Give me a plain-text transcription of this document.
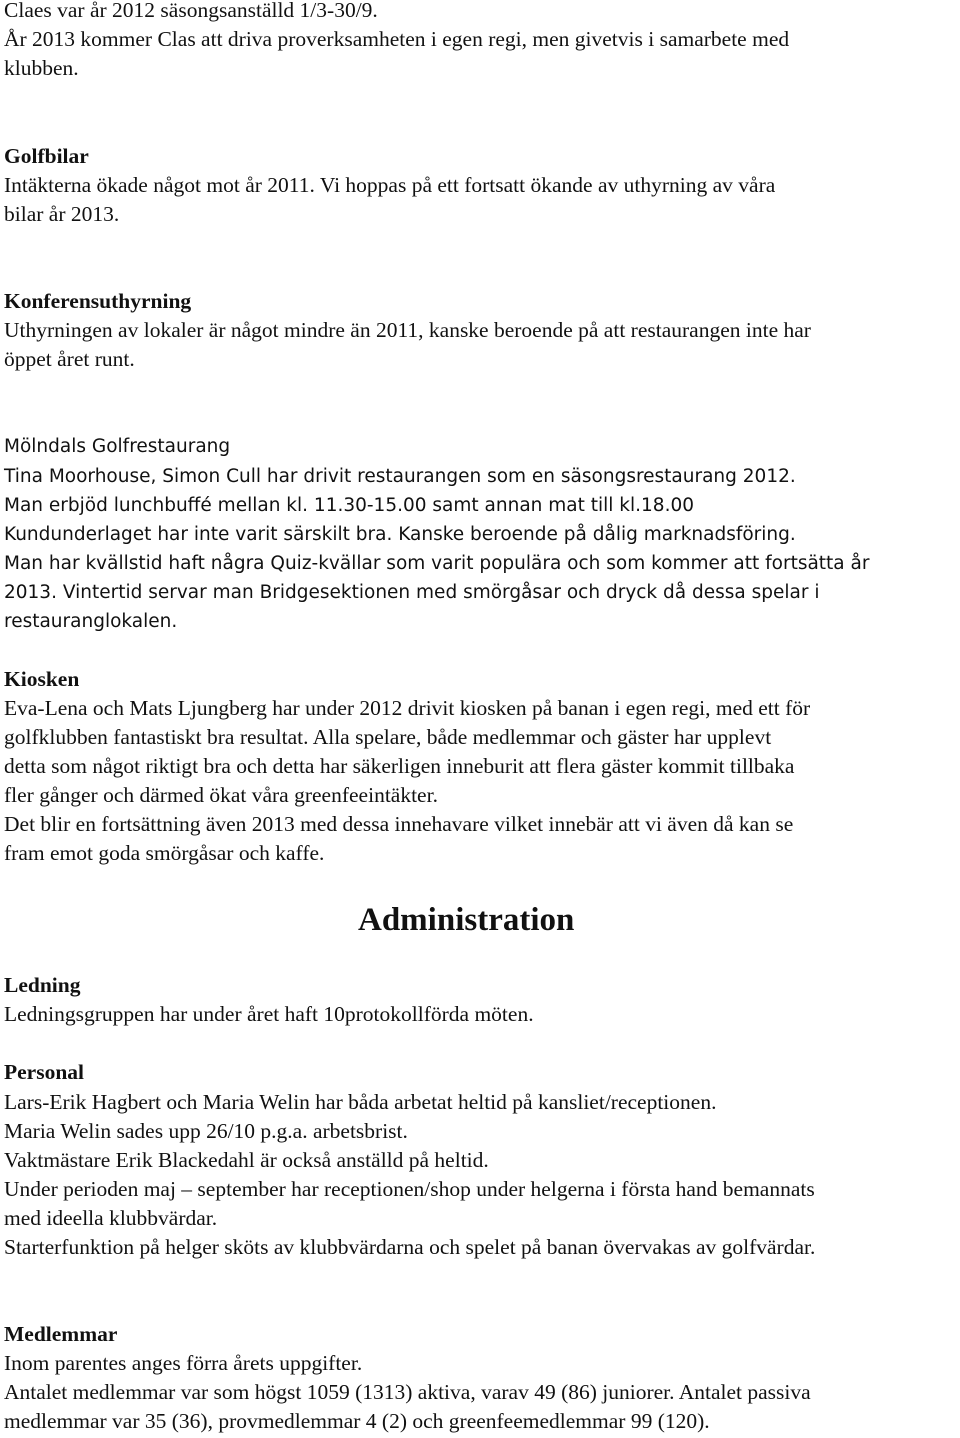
Claes var år 2012 säsongsanställd 1/3-30/9.
År 2013 kommer Clas att driva proverksamheten i egen regi, men givetvis i samarbete med
klubben.
Golfbilar
Intäkterna ökade något mot år 2011. Vi hoppas på ett fortsatt ökande av uthyrning av våra
bilar år 2013.
Konferensuthyrning
Uthyrningen av lokaler är något mindre än 2011, kanske beroende på att restaurangen inte har
öppet året runt.
Mölndals Golfrestaurang
Tina Moorhouse, Simon Cull har drivit restaurangen som en säsongsrestaurang 2012.
Man erbjöd lunchbuffé mellan kl. 11.30-15.00 samt annan mat till kl.18.00
Kundunderlaget har inte varit särskilt bra. Kanske beroende på dålig marknadsföring.
Man har kvällstid haft några Quiz-kvällar som varit populära och som kommer att fortsätta år
2013. Vintertid servar man Bridgesektionen med smörgåsar och dryck då dessa spelar i
restauranglokalen.
Kiosken
Eva-Lena och Mats Ljungberg har under 2012 drivit kiosken på banan i egen regi, med ett för
golfklubben fantastiskt bra resultat. Alla spelare, både medlemmar och gäster har upplevt
detta som något riktigt bra och detta har säkerligen inneburit att flera gäster kommit tillbaka
fler gånger och därmed ökat våra greenfeeintäkter.
Det blir en fortsättning även 2013 med dessa innehavare vilket innebär att vi även då kan se
fram emot goda smörgåsar och kaffe.
Administration
Ledning
Ledningsgruppen har under året haft 10protokollförda möten.
Personal
Lars-Erik Hagbert och Maria Welin har båda arbetat heltid på kansliet/receptionen.
Maria Welin sades upp 26/10 p.g.a. arbetsbrist.
Vaktmästare Erik Blackedahl är också anställd på heltid.
Under perioden maj – september har receptionen/shop under helgerna i första hand bemannats
med ideella klubbvärdar.
Starterfunktion på helger sköts av klubbvärdarna och spelet på banan övervakas av golfvärdar.
Medlemmar
Inom parentes anges förra årets uppgifter.
Antalet medlemmar var som högst 1059 (1313) aktiva, varav 49 (86) juniorer. Antalet passiva
medlemmar var 35 (36), provmedlemmar 4 (2) och greenfeemedlemmar 99 (120).
